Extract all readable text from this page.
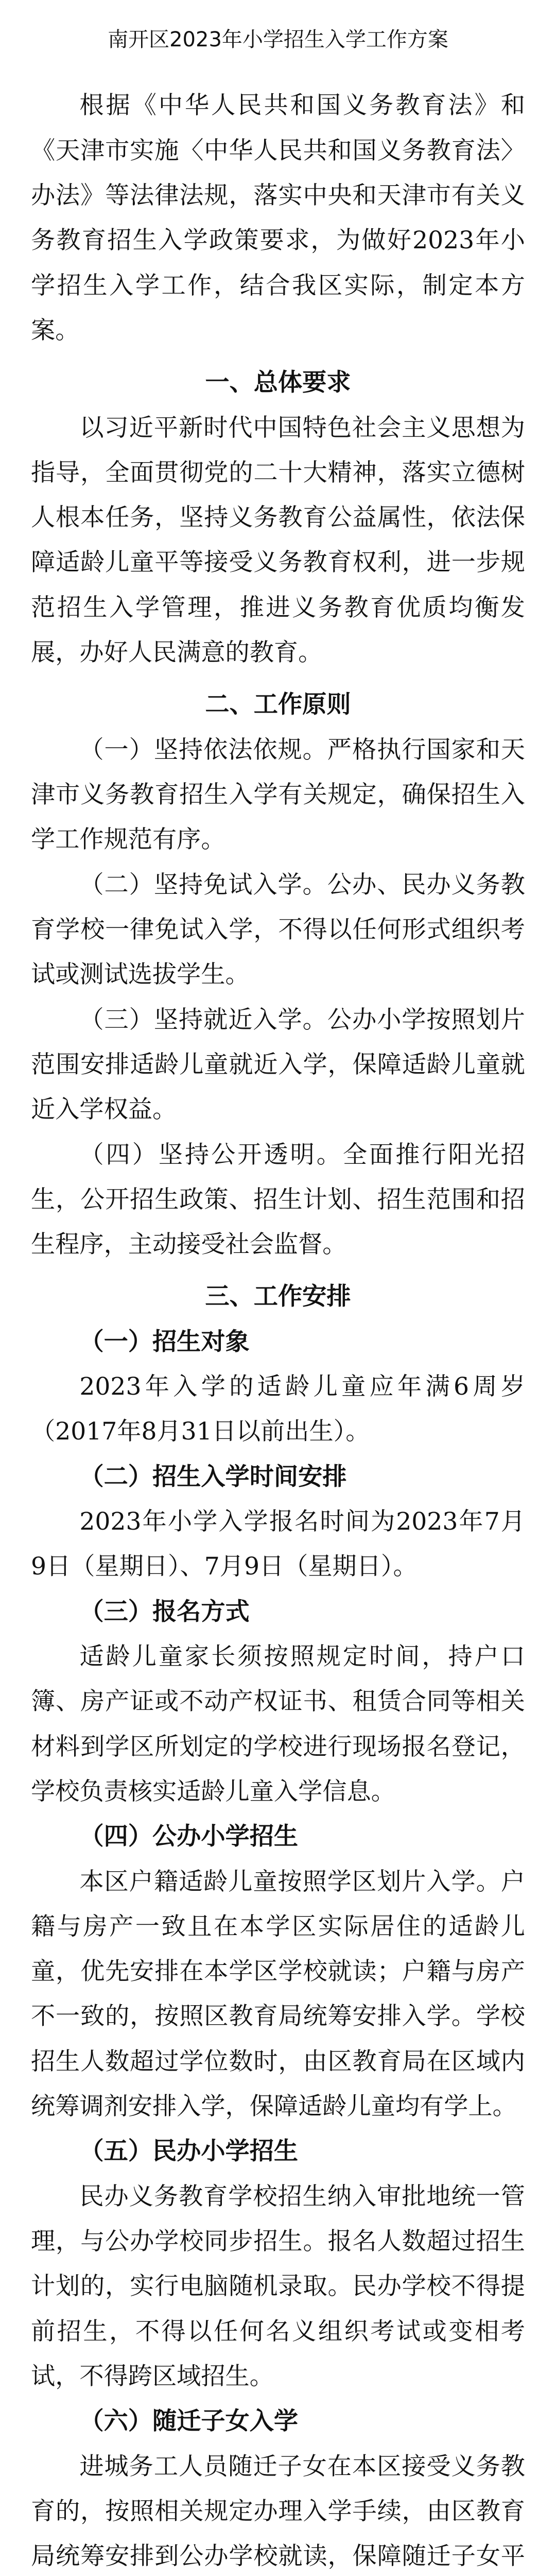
南开区2023年小学招生入学工作方案

根据《中华人民共和国义务教育法》和《天津市实施〈中华人民共和国义务教育法〉办法》等法律法规，落实中央和天津市有关义务教育招生入学政策要求，为做好2023年小学招生入学工作，结合我区实际，制定本方案。

一、总体要求

以习近平新时代中国特色社会主义思想为指导，全面贯彻党的二十大精神，落实立德树人根本任务，坚持义务教育公益属性，依法保障适龄儿童平等接受义务教育权利，进一步规范招生入学管理，推进义务教育优质均衡发展，办好人民满意的教育。

二、工作原则

（一）坚持依法依规。严格执行国家和天津市义务教育招生入学有关规定，确保招生入学工作规范有序。

（二）坚持免试入学。公办、民办义务教育学校一律免试入学，不得以任何形式组织考试或测试选拔学生。

（三）坚持就近入学。公办小学按照划片范围安排适龄儿童就近入学，保障适龄儿童就近入学权益。

（四）坚持公开透明。全面推行阳光招生，公开招生政策、招生计划、招生范围和招生程序，主动接受社会监督。

三、工作安排

（一）招生对象

2023年入学的适龄儿童应年满6周岁（2017年8月31日以前出生）。

（二）招生入学时间安排

2023年小学入学报名时间为2023年7月9日（星期日）、7月9日（星期日）。

（三）报名方式

适龄儿童家长须按照规定时间，持户口簿、房产证或不动产权证书、租赁合同等相关材料到学区所划定的学校进行现场报名登记，学校负责核实适龄儿童入学信息。

（四）公办小学招生

本区户籍适龄儿童按照学区划片入学。户籍与房产一致且在本学区实际居住的适龄儿童，优先安排在本学区学校就读；户籍与房产不一致的，按照区教育局统筹安排入学。学校招生人数超过学位数时，由区教育局在区域内统筹调剂安排入学，保障适龄儿童均有学上。

（五）民办小学招生

民办义务教育学校招生纳入审批地统一管理，与公办学校同步招生。报名人数超过招生计划的，实行电脑随机录取。民办学校不得提前招生，不得以任何名义组织考试或变相考试，不得跨区域招生。

（六）随迁子女入学

进城务工人员随迁子女在本区接受义务教育的，按照相关规定办理入学手续，由区教育局统筹安排到公办学校就读，保障随迁子女平
